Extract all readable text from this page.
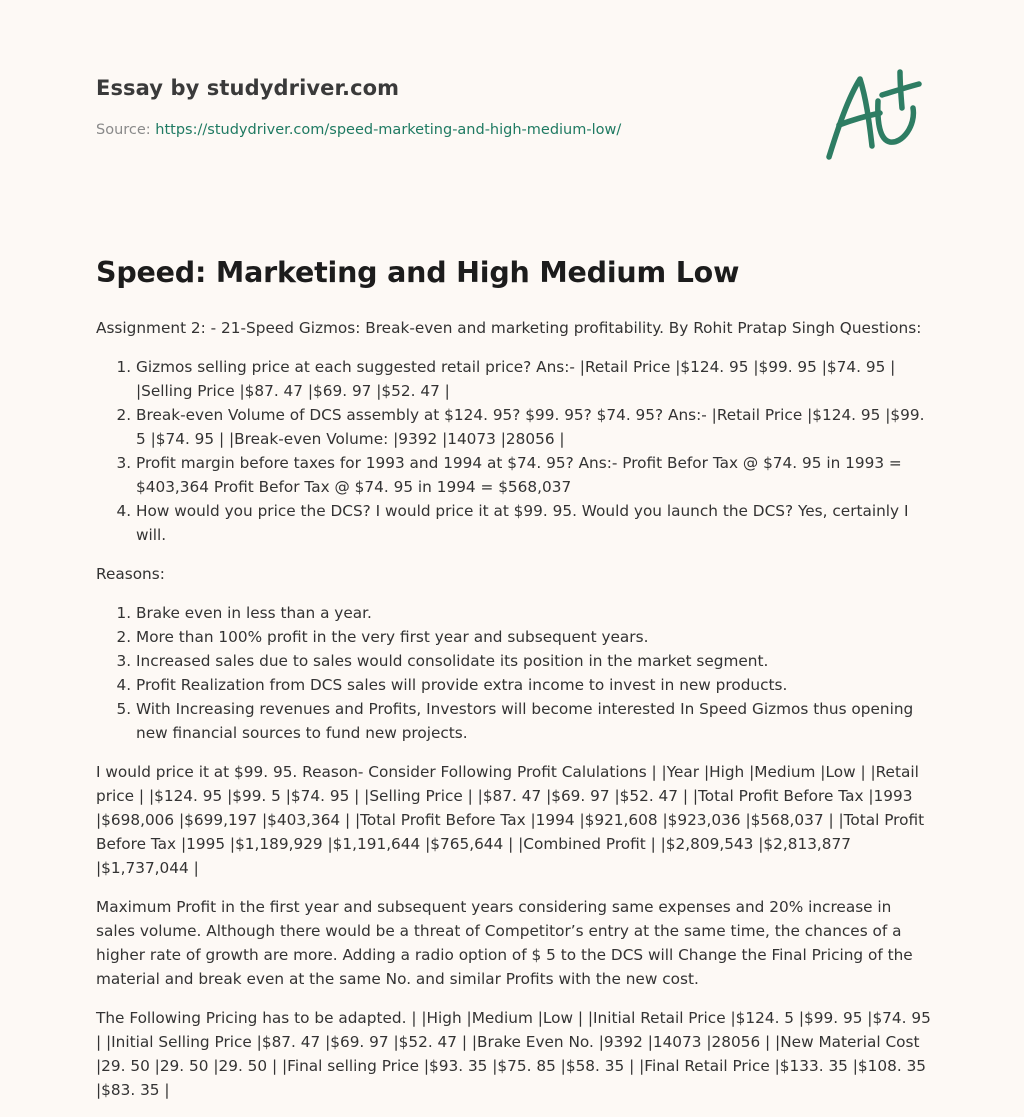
Essay by studydriver.com
Source: https://studydriver.com/speed-marketing-and-high-medium-low/
Speed: Marketing and High Medium Low

Assignment 2: - 21-Speed Gizmos: Break-even and marketing profitability. By Rohit Pratap Singh Questions:

1. Gizmos selling price at each suggested retail price? Ans:- |Retail Price |$124. 95 |$99. 95 |$74. 95 | |Selling Price |$87. 47 |$69. 97 |$52. 47 |
2. Break-even Volume of DCS assembly at $124. 95? $99. 95? $74. 95? Ans:- |Retail Price |$124. 95 |$99. 5 |$74. 95 | |Break-even Volume: |9392 |14073 |28056 |
3. Profit margin before taxes for 1993 and 1994 at $74. 95? Ans:- Profit Befor Tax @ $74. 95 in 1993 = $403,364 Profit Befor Tax @ $74. 95 in 1994 = $568,037
4. How would you price the DCS? I would price it at $99. 95. Would you launch the DCS? Yes, certainly I will.

Reasons:

1. Brake even in less than a year.
2. More than 100% profit in the very first year and subsequent years.
3. Increased sales due to sales would consolidate its position in the market segment.
4. Profit Realization from DCS sales will provide extra income to invest in new products.
5. With Increasing revenues and Profits, Investors will become interested In Speed Gizmos thus opening new financial sources to fund new projects.

I would price it at $99. 95. Reason- Consider Following Profit Calulations | |Year |High |Medium |Low | |Retail price | |$124. 95 |$99. 5 |$74. 95 | |Selling Price | |$87. 47 |$69. 97 |$52. 47 | |Total Profit Before Tax |1993 |$698,006 |$699,197 |$403,364 | |Total Profit Before Tax |1994 |$921,608 |$923,036 |$568,037 | |Total Profit Before Tax |1995 |$1,189,929 |$1,191,644 |$765,644 | |Combined Profit | |$2,809,543 |$2,813,877 |$1,737,044 |

Maximum Profit in the first year and subsequent years considering same expenses and 20% increase in sales volume. Although there would be a threat of Competitor’s entry at the same time, the chances of a higher rate of growth are more. Adding a radio option of $ 5 to the DCS will Change the Final Pricing of the material and break even at the same No. and similar Profits with the new cost.

The Following Pricing has to be adapted. | |High |Medium |Low | |Initial Retail Price |$124. 5 |$99. 95 |$74. 95 | |Initial Selling Price |$87. 47 |$69. 97 |$52. 47 | |Brake Even No. |9392 |14073 |28056 | |New Material Cost |29. 50 |29. 50 |29. 50 | |Final selling Price |$93. 35 |$75. 85 |$58. 35 | |Final Retail Price |$133. 35 |$108. 35 |$83. 35 |
